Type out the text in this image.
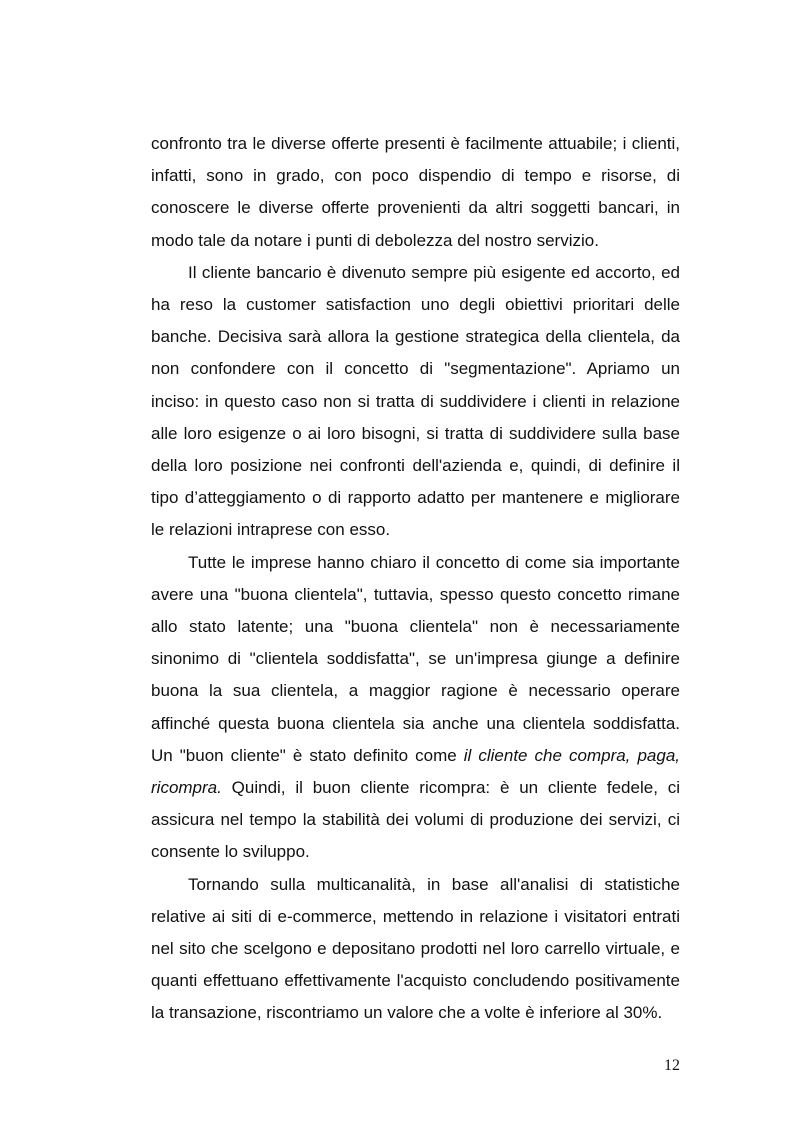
confronto tra le diverse offerte presenti è facilmente attuabile; i clienti, infatti, sono in grado, con poco dispendio di tempo e risorse, di conoscere le diverse offerte provenienti da altri soggetti bancari, in modo tale da notare i punti di debolezza del nostro servizio.

Il cliente bancario è divenuto sempre più esigente ed accorto, ed ha reso la customer satisfaction uno degli obiettivi prioritari delle banche. Decisiva sarà allora la gestione strategica della clientela, da non confondere con il concetto di "segmentazione". Apriamo un inciso: in questo caso non si tratta di suddividere i clienti in relazione alle loro esigenze o ai loro bisogni, si tratta di suddividere sulla base della loro posizione nei confronti dell'azienda e, quindi, di definire il tipo d’atteggiamento o di rapporto adatto per mantenere e migliorare le relazioni intraprese con esso.

Tutte le imprese hanno chiaro il concetto di come sia importante avere una "buona clientela", tuttavia, spesso questo concetto rimane allo stato latente; una "buona clientela" non è necessariamente sinonimo di "clientela soddisfatta", se un'impresa giunge a definire buona la sua clientela, a maggior ragione è necessario operare affinché questa buona clientela sia anche una clientela soddisfatta. Un "buon cliente" è stato definito come il cliente che compra, paga, ricompra. Quindi, il buon cliente ricompra: è un cliente fedele, ci assicura nel tempo la stabilità dei volumi di produzione dei servizi, ci consente lo sviluppo.

Tornando sulla multicanalità, in base all'analisi di statistiche relative ai siti di e-commerce, mettendo in relazione i visitatori entrati nel sito che scelgono e depositano prodotti nel loro carrello virtuale, e quanti effettuano effettivamente l'acquisto concludendo positivamente la transazione, riscontriamo un valore che a volte è inferiore al 30%.

12
